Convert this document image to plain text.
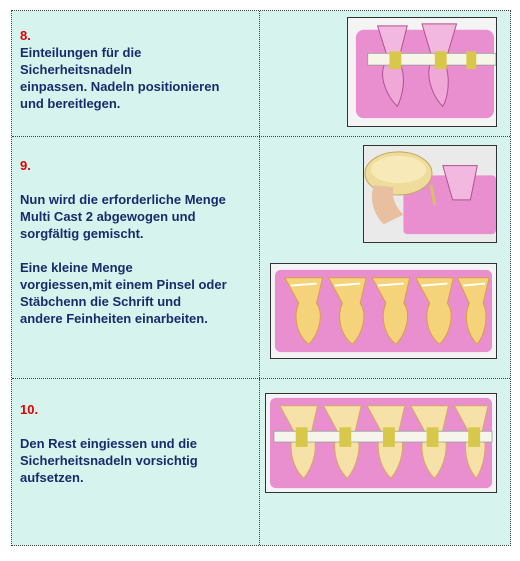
8.
Einteilungen für die
Sicherheitsnadeln
einpassen. Nadeln positionieren
und bereitlegen.
9.
Nun wird die erforderliche Menge
Multi Cast 2 abgewogen und
sorgfältig gemischt.
Eine kleine Menge
vorgiessen,mit einem Pinsel oder
Stäbchenn die Schrift und
andere Feinheiten einarbeiten.
10.
Den Rest eingiessen und die
Sicherheitsnadeln vorsichtig
aufsetzen.
